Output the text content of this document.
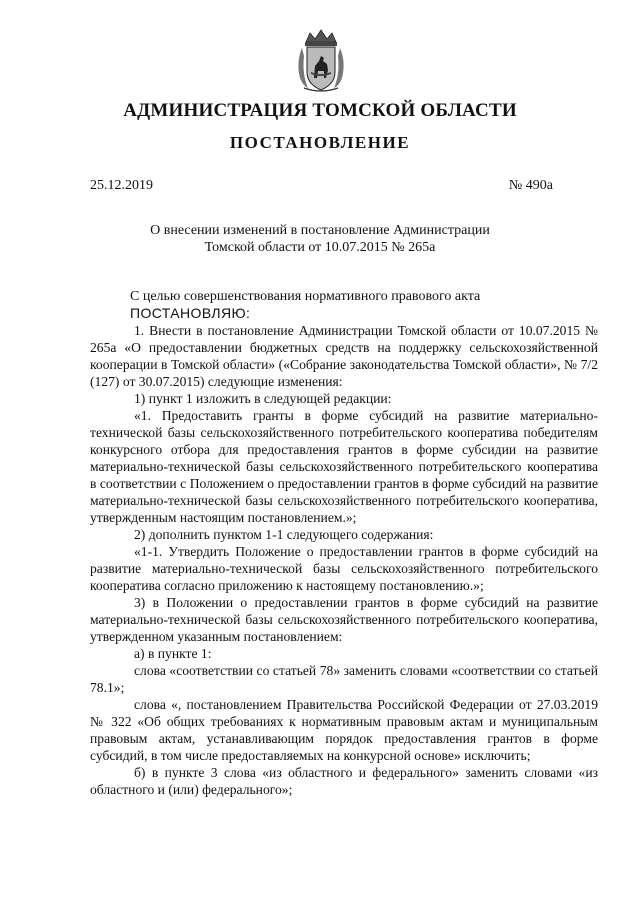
АДМИНИСТРАЦИЯ ТОМСКОЙ ОБЛАСТИ
ПОСТАНОВЛЕНИЕ
25.12.2019	№ 490а
О внесении изменений в постановление Администрации
Томской области от 10.07.2015 № 265а

С целью совершенствования нормативного правового акта

ПОСТАНОВЛЯЮ:

1. Внести в постановление Администрации Томской области от 10.07.2015 № 265а «О предоставлении бюджетных средств на поддержку сельскохозяйственной кооперации в Томской области» («Собрание законодательства Томской области», № 7/2 (127) от 30.07.2015) следующие изменения:

1) пункт 1 изложить в следующей редакции:

«1. Предоставить гранты в форме субсидий на развитие материально-технической базы сельскохозяйственного потребительского кооператива победителям конкурсного отбора для предоставления грантов в форме субсидии на развитие материально-технической базы сельскохозяйственного потребительского кооператива в соответствии с Положением о предоставлении грантов в форме субсидий на развитие материально-технической базы сельскохозяйственного потребительского кооператива, утвержденным настоящим постановлением.»;

2) дополнить пунктом 1-1 следующего содержания:

«1-1. Утвердить Положение о предоставлении грантов в форме субсидий на развитие материально-технической базы сельскохозяйственного потребительского кооператива согласно приложению к настоящему постановлению.»;

3) в Положении о предоставлении грантов в форме субсидий на развитие материально-технической базы сельскохозяйственного потребительского кооператива, утвержденном указанным постановлением:

а) в пункте 1:

слова «соответствии со статьей 78» заменить словами «соответствии со статьей 78.1»;

слова «, постановлением Правительства Российской Федерации от 27.03.2019 № 322 «Об общих требованиях к нормативным правовым актам и муниципальным правовым актам, устанавливающим порядок предоставления грантов в форме субсидий, в том числе предоставляемых на конкурсной основе» исключить;

б) в пункте 3 слова «из областного и федерального» заменить словами «из областного и (или) федерального»;
